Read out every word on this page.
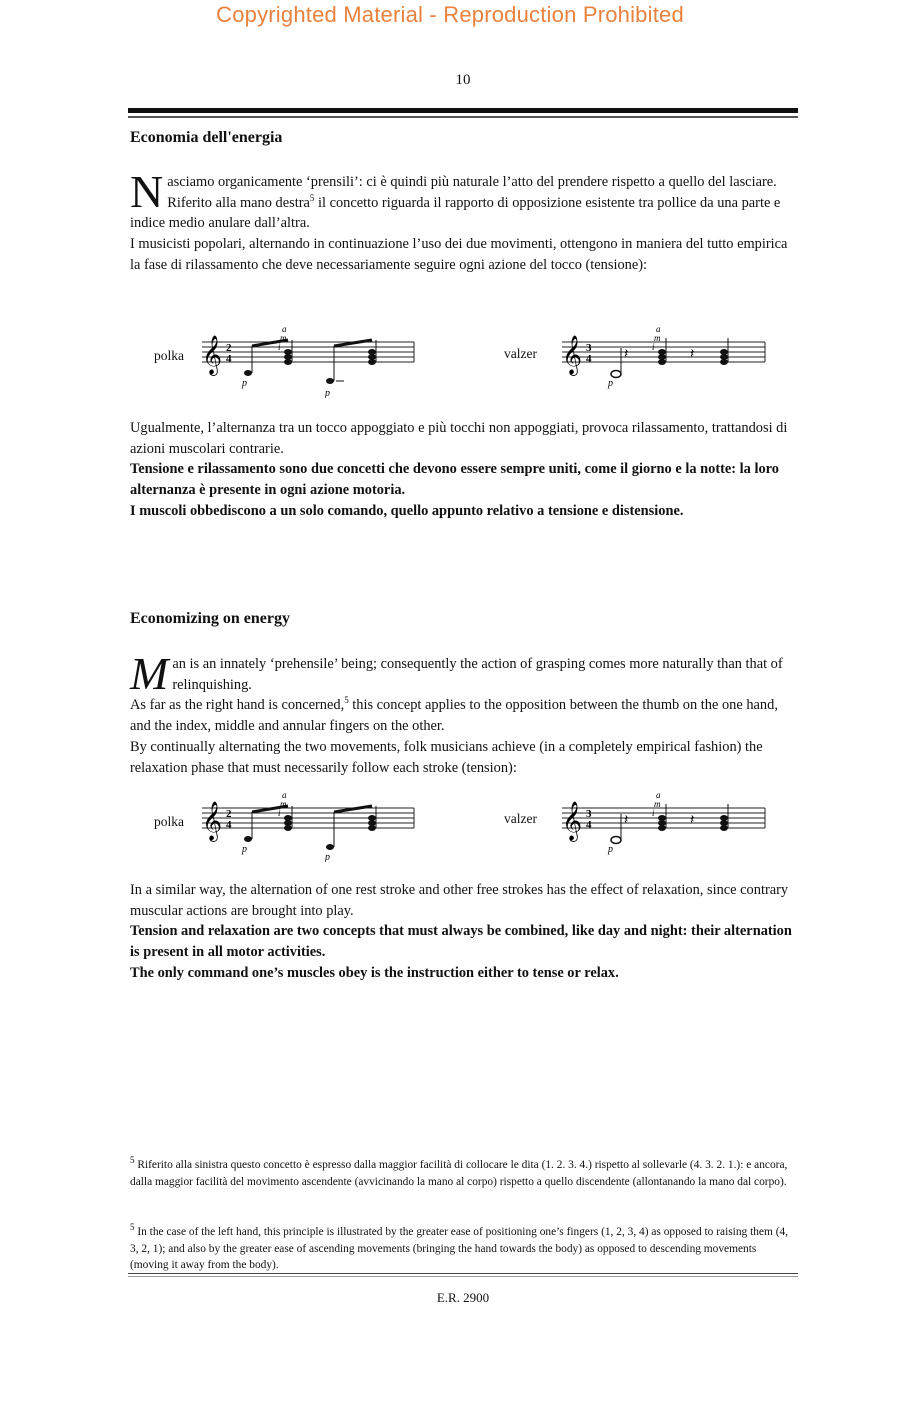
Copyrighted Material - Reproduction Prohibited
10
Economia dell'energia

Nasciamo organicamente ‘prensili’: ci è quindi più naturale l’atto del prendere rispetto a quello del lasciare.

Riferito alla mano destra$^5$ il concetto riguarda il rapporto di opposizione esistente tra pollice da una parte e indice medio anulare dall’altra.

I musicisti popolari, alternando in continuazione l’uso dei due movimenti, ottengono in maniera del tutto empirica la fase di rilassamento che deve necessariamente seguire ogni azione del tocco (tensione):

polka	valzer
𝄞 2
4
p
p
a
m
i	𝄞 3
4 𝄽	𝄽
p
a
m
i

Ugualmente, l’alternanza tra un tocco appoggiato e più tocchi non appoggiati, provoca rilassamento, trattandosi di azioni muscolari contrarie.

Tensione e rilassamento sono due concetti che devono essere sempre uniti, come il giorno e la notte: la loro alternanza è presente in ogni azione motoria.

I muscoli obbediscono a un solo comando, quello appunto relativo a tensione e distensione.

Economizing on energy

Man is an innately ‘prehensile’ being; consequently the action of grasping comes more naturally than that of relinquishing.

As far as the right hand is concerned,$^5$ this concept applies to the opposition between the thumb on the one hand, and the index, middle and annular fingers on the other.

By continually alternating the two movements, folk musicians achieve (in a completely empirical fashion) the relaxation phase that must necessarily follow each stroke (tension):

polka	valzer
𝄞 2
4
p
p
a
m
i	𝄞 3
4 𝄽	𝄽
p
a
m
i

In a similar way, the alternation of one rest stroke and other free strokes has the effect of relaxation, since contrary muscular actions are brought into play.

Tension and relaxation are two concepts that must always be combined, like day and night: their alternation is present in all motor activities.

The only command one’s muscles obey is the instruction either to tense or relax.

$^5$ Riferito alla sinistra questo concetto è espresso dalla maggior facilità di collocare le dita (1. 2. 3. 4.) rispetto al sollevarle (4. 3. 2. 1.): e ancora, dalla maggior facilità del movimento ascendente (avvicinando la mano al corpo) rispetto a quello discendente (allontanando la mano dal corpo).

$^5$ In the case of the left hand, this principle is illustrated by the greater ease of positioning one’s fingers (1, 2, 3, 4) as opposed to raising them (4, 3, 2, 1); and also by the greater ease of ascending movements (bringing the hand towards the body) as opposed to descending movements (moving it away from the body).

E.R. 2900
